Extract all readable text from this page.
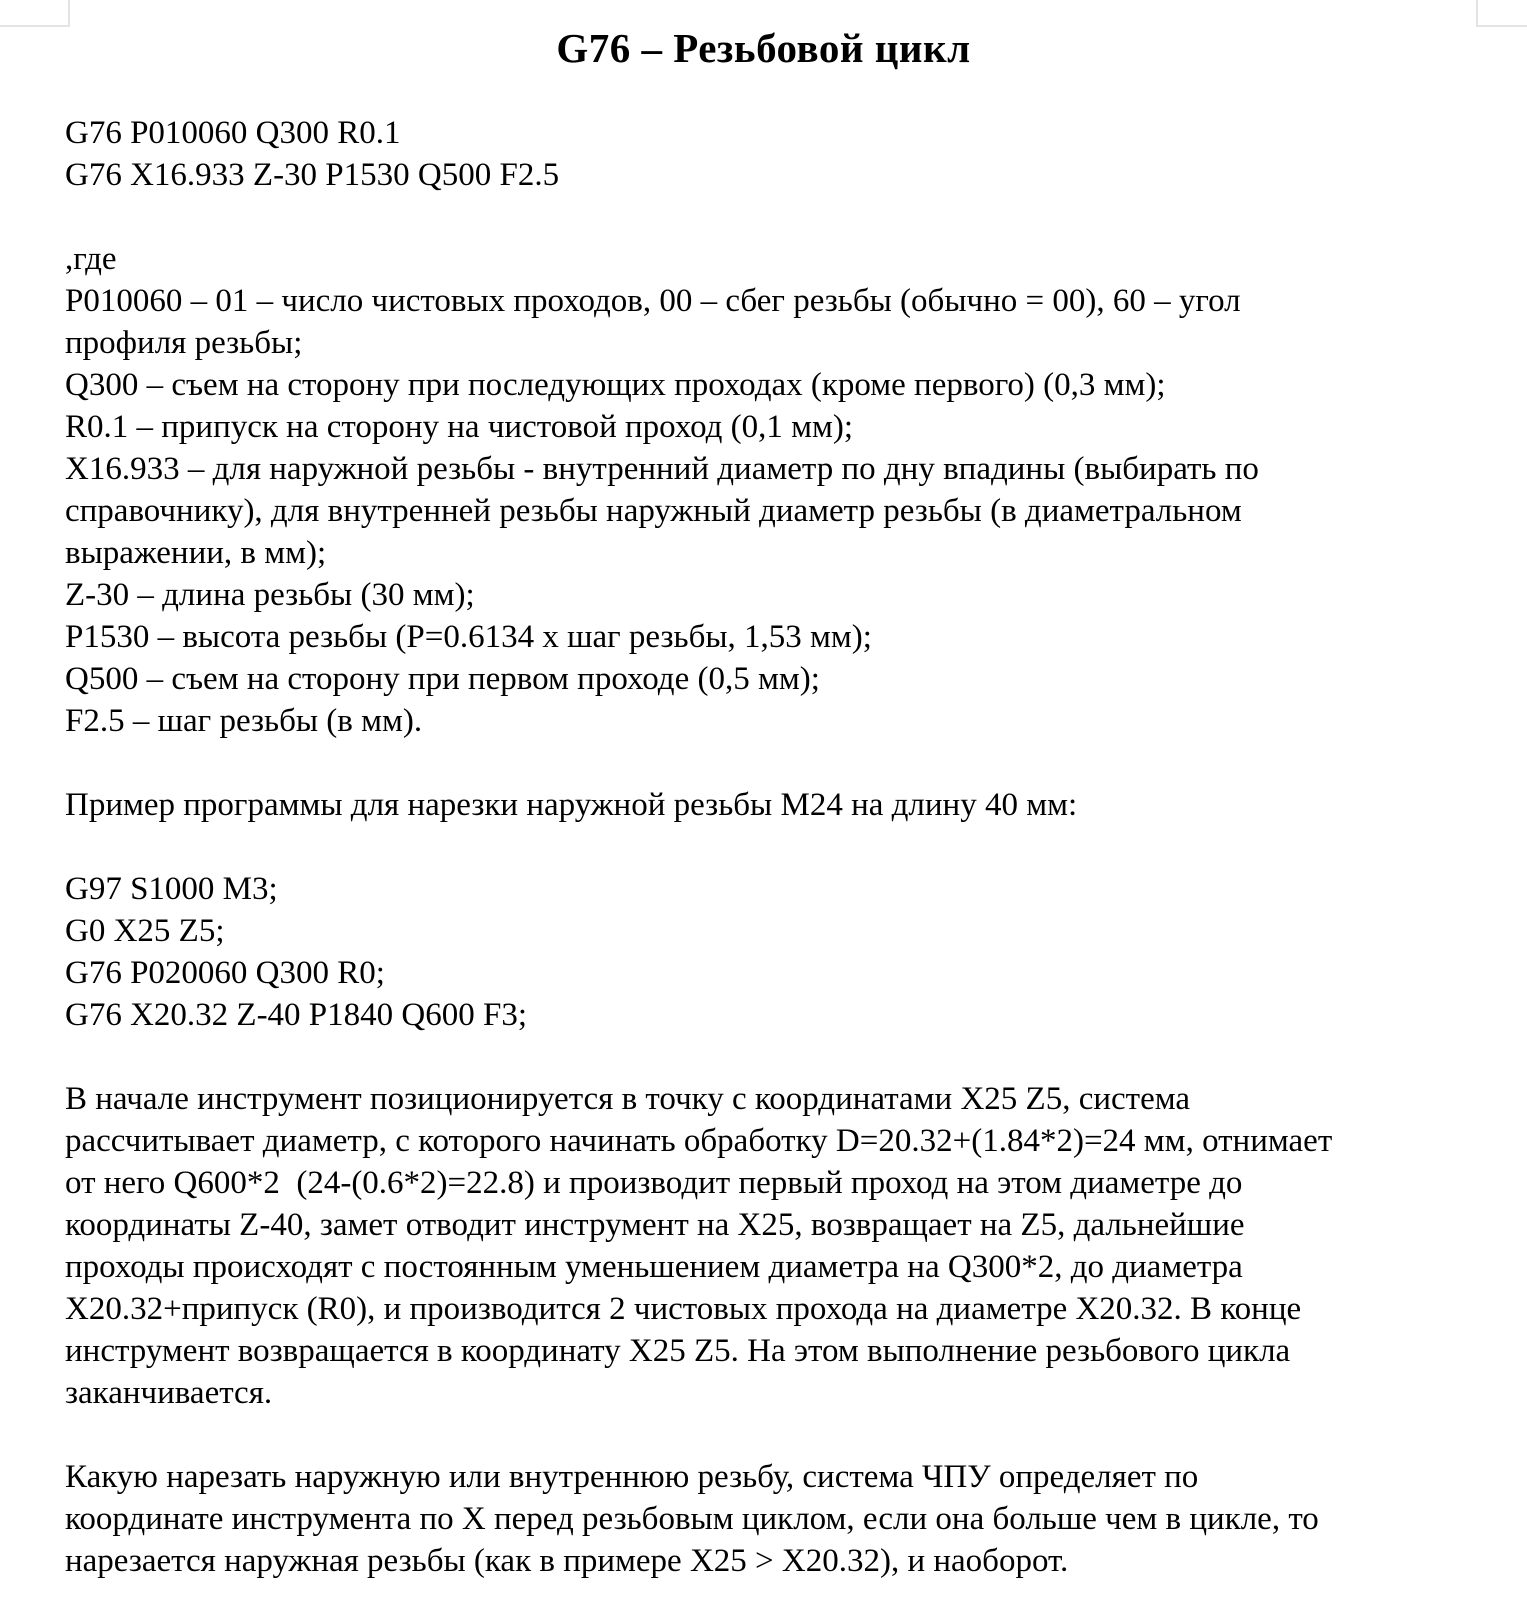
G76 – Резьбовой цикл

G76 P010060 Q300 R0.1
G76 X16.933 Z-30 P1530 Q500 F2.5

,где
P010060 – 01 – число чистовых проходов, 00 – сбег резьбы (обычно = 00), 60 – угол
профиля резьбы;
Q300 – съем на сторону при последующих проходах (кроме первого) (0,3 мм);
R0.1 – припуск на сторону на чистовой проход (0,1 мм);
X16.933 – для наружной резьбы - внутренний диаметр по дну впадины (выбирать по
справочнику), для внутренней резьбы наружный диаметр резьбы (в диаметральном
выражении, в мм);
Z-30 – длина резьбы (30 мм);
P1530 – высота резьбы (P=0.6134 x шаг резьбы, 1,53 мм);
Q500 – съем на сторону при первом проходе (0,5 мм);
F2.5 – шаг резьбы (в мм).

Пример программы для нарезки наружной резьбы M24 на длину 40 мм:

G97 S1000 M3;
G0 X25 Z5;
G76 P020060 Q300 R0;
G76 X20.32 Z-40 P1840 Q600 F3;

В начале инструмент позиционируется в точку с координатами X25 Z5, система
рассчитывает диаметр, с которого начинать обработку D=20.32+(1.84*2)=24 мм, отнимает
от него Q600*2  (24-(0.6*2)=22.8) и производит первый проход на этом диаметре до
координаты Z-40, замет отводит инструмент на X25, возвращает на Z5, дальнейшие
проходы происходят с постоянным уменьшением диаметра на Q300*2, до диаметра
X20.32+припуск (R0), и производится 2 чистовых прохода на диаметре X20.32. В конце
инструмент возвращается в координату X25 Z5. На этом выполнение резьбового цикла
заканчивается.

Какую нарезать наружную или внутреннюю резьбу, система ЧПУ определяет по
координате инструмента по X перед резьбовым циклом, если она больше чем в цикле, то
нарезается наружная резьбы (как в примере X25 > X20.32), и наоборот.
